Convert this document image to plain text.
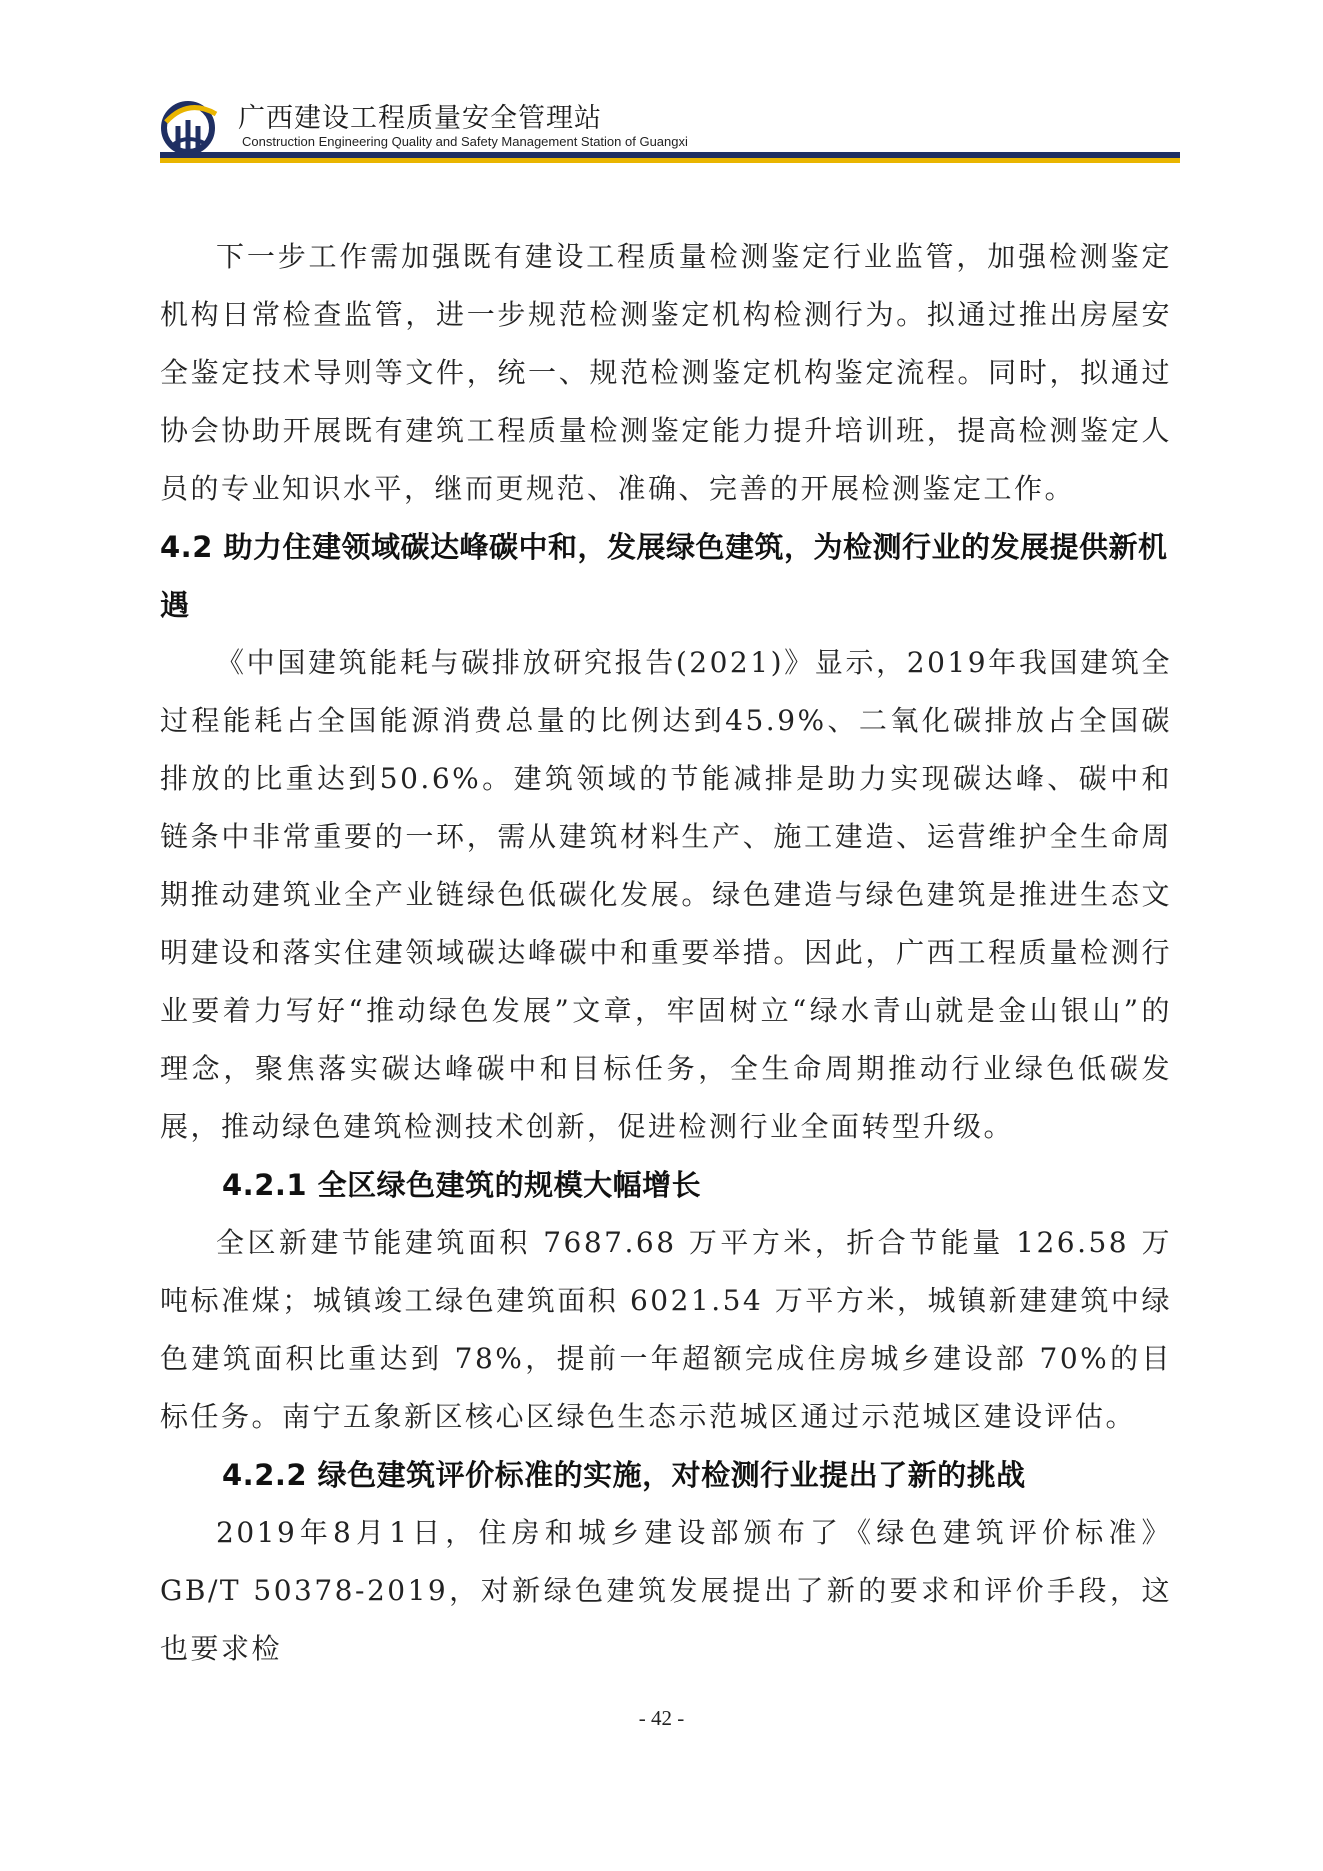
广西建设工程质量安全管理站
Construction Engineering Quality and Safety Management Station of Guangxi

下一步工作需加强既有建设工程质量检测鉴定行业监管，加强检测鉴定机构日常检查监管，进一步规范检测鉴定机构检测行为。拟通过推出房屋安全鉴定技术导则等文件，统一、规范检测鉴定机构鉴定流程。同时，拟通过协会协助开展既有建筑工程质量检测鉴定能力提升培训班，提高检测鉴定人员的专业知识水平，继而更规范、准确、完善的开展检测鉴定工作。

4.2 助力住建领域碳达峰碳中和，发展绿色建筑，为检测行业的发展提供新机遇

《中国建筑能耗与碳排放研究报告(2021)》显示，2019年我国建筑全过程能耗占全国能源消费总量的比例达到45.9%、二氧化碳排放占全国碳排放的比重达到50.6%。建筑领域的节能减排是助力实现碳达峰、碳中和链条中非常重要的一环，需从建筑材料生产、施工建造、运营维护全生命周期推动建筑业全产业链绿色低碳化发展。绿色建造与绿色建筑是推进生态文明建设和落实住建领域碳达峰碳中和重要举措。因此，广西工程质量检测行业要着力写好“推动绿色发展”文章，牢固树立“绿水青山就是金山银山”的理念，聚焦落实碳达峰碳中和目标任务，全生命周期推动行业绿色低碳发展，推动绿色建筑检测技术创新，促进检测行业全面转型升级。

4.2.1 全区绿色建筑的规模大幅增长

全区新建节能建筑面积 7687.68 万平方米，折合节能量 126.58 万吨标准煤；城镇竣工绿色建筑面积 6021.54 万平方米，城镇新建建筑中绿色建筑面积比重达到 78%，提前一年超额完成住房城乡建设部 70%的目标任务。南宁五象新区核心区绿色生态示范城区通过示范城区建设评估。

4.2.2 绿色建筑评价标准的实施，对检测行业提出了新的挑战

2019年8月1日，住房和城乡建设部颁布了《绿色建筑评价标准》GB/T 50378-2019，对新绿色建筑发展提出了新的要求和评价手段，这也要求检

- 42 -
